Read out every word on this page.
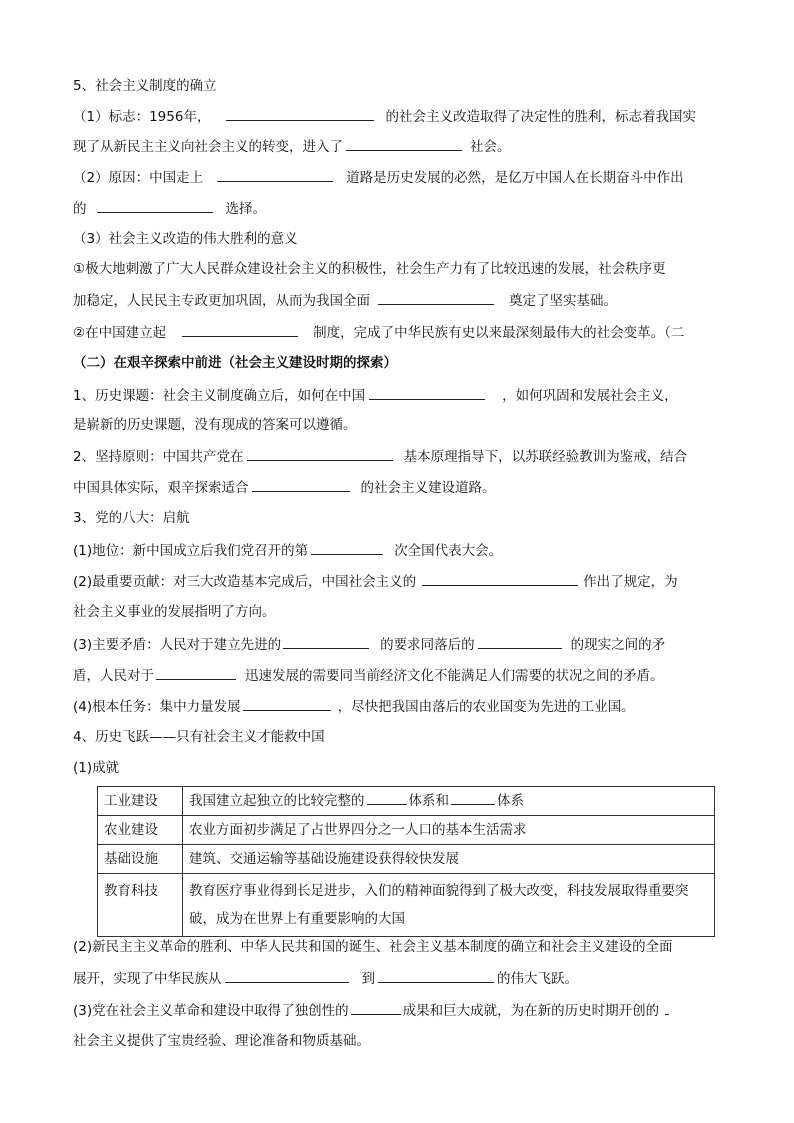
5、社会主义制度的确立
（1）标志：1956年，	的社会主义改造取得了决定性的胜利，标志着我国实
现了从新民主主义向社会主义的转变，进入了	社会。
（2）原因：中国走上	道路是历史发展的必然，是亿万中国人在长期奋斗中作出
的	选择。
（3）社会主义改造的伟大胜利的意义
①极大地刺激了广大人民群众建设社会主义的积极性，社会生产力有了比较迅速的发展，社会秩序更
加稳定，人民民主专政更加巩固，从而为我国全面	奠定了坚实基础。
②在中国建立起	制度，完成了中华民族有史以来最深刻最伟大的社会变革。（二
（二）在艰辛探索中前进（社会主义建设时期的探索）
1、历史课题：社会主义制度确立后，如何在中国	，如何巩固和发展社会主义，
是崭新的历史课题，没有现成的答案可以遵循。
2、坚持原则：中国共产党在	基本原理指导下，以苏联经验教训为鉴戒，结合
中国具体实际，艰辛探索适合	的社会主义建设道路。
3、党的八大：启航
(1)地位：新中国成立后我们党召开的第	次全国代表大会。
(2)最重要贡献：对三大改造基本完成后，中国社会主义的	作出了规定，为
社会主义事业的发展指明了方向。
(3)主要矛盾：人民对于建立先进的	的要求同落后的	的现实之间的矛
盾，人民对于	迅速发展的需要同当前经济文化不能满足人们需要的状况之间的矛盾。
(4)根本任务：集中力量发展	，尽快把我国由落后的农业国变为先进的工业国。
4、历史飞跃——只有社会主义才能救中国
(1)成就
工业建设	我国建立起独立的比较完整的 体系和 体系
农业建设	农业方面初步满足了占世界四分之一人口的基本生活需求
基础设施	建筑、交通运输等基础设施建设获得较快发展
教育科技	教育医疗事业得到长足进步，入们的精神面貌得到了极大改变，科技发展取得重要突破，成为在世界上有重要影响的大国
(2)新民主主义革命的胜利、中华人民共和国的诞生、社会主义基本制度的确立和社会主义建设的全面
展开，实现了中华民族从	到	的伟大飞跃。
(3)党在社会主义革命和建设中取得了独创性的	成果和巨大成就，为在新的历史时期开创的
社会主义提供了宝贵经验、理论准备和物质基础。
